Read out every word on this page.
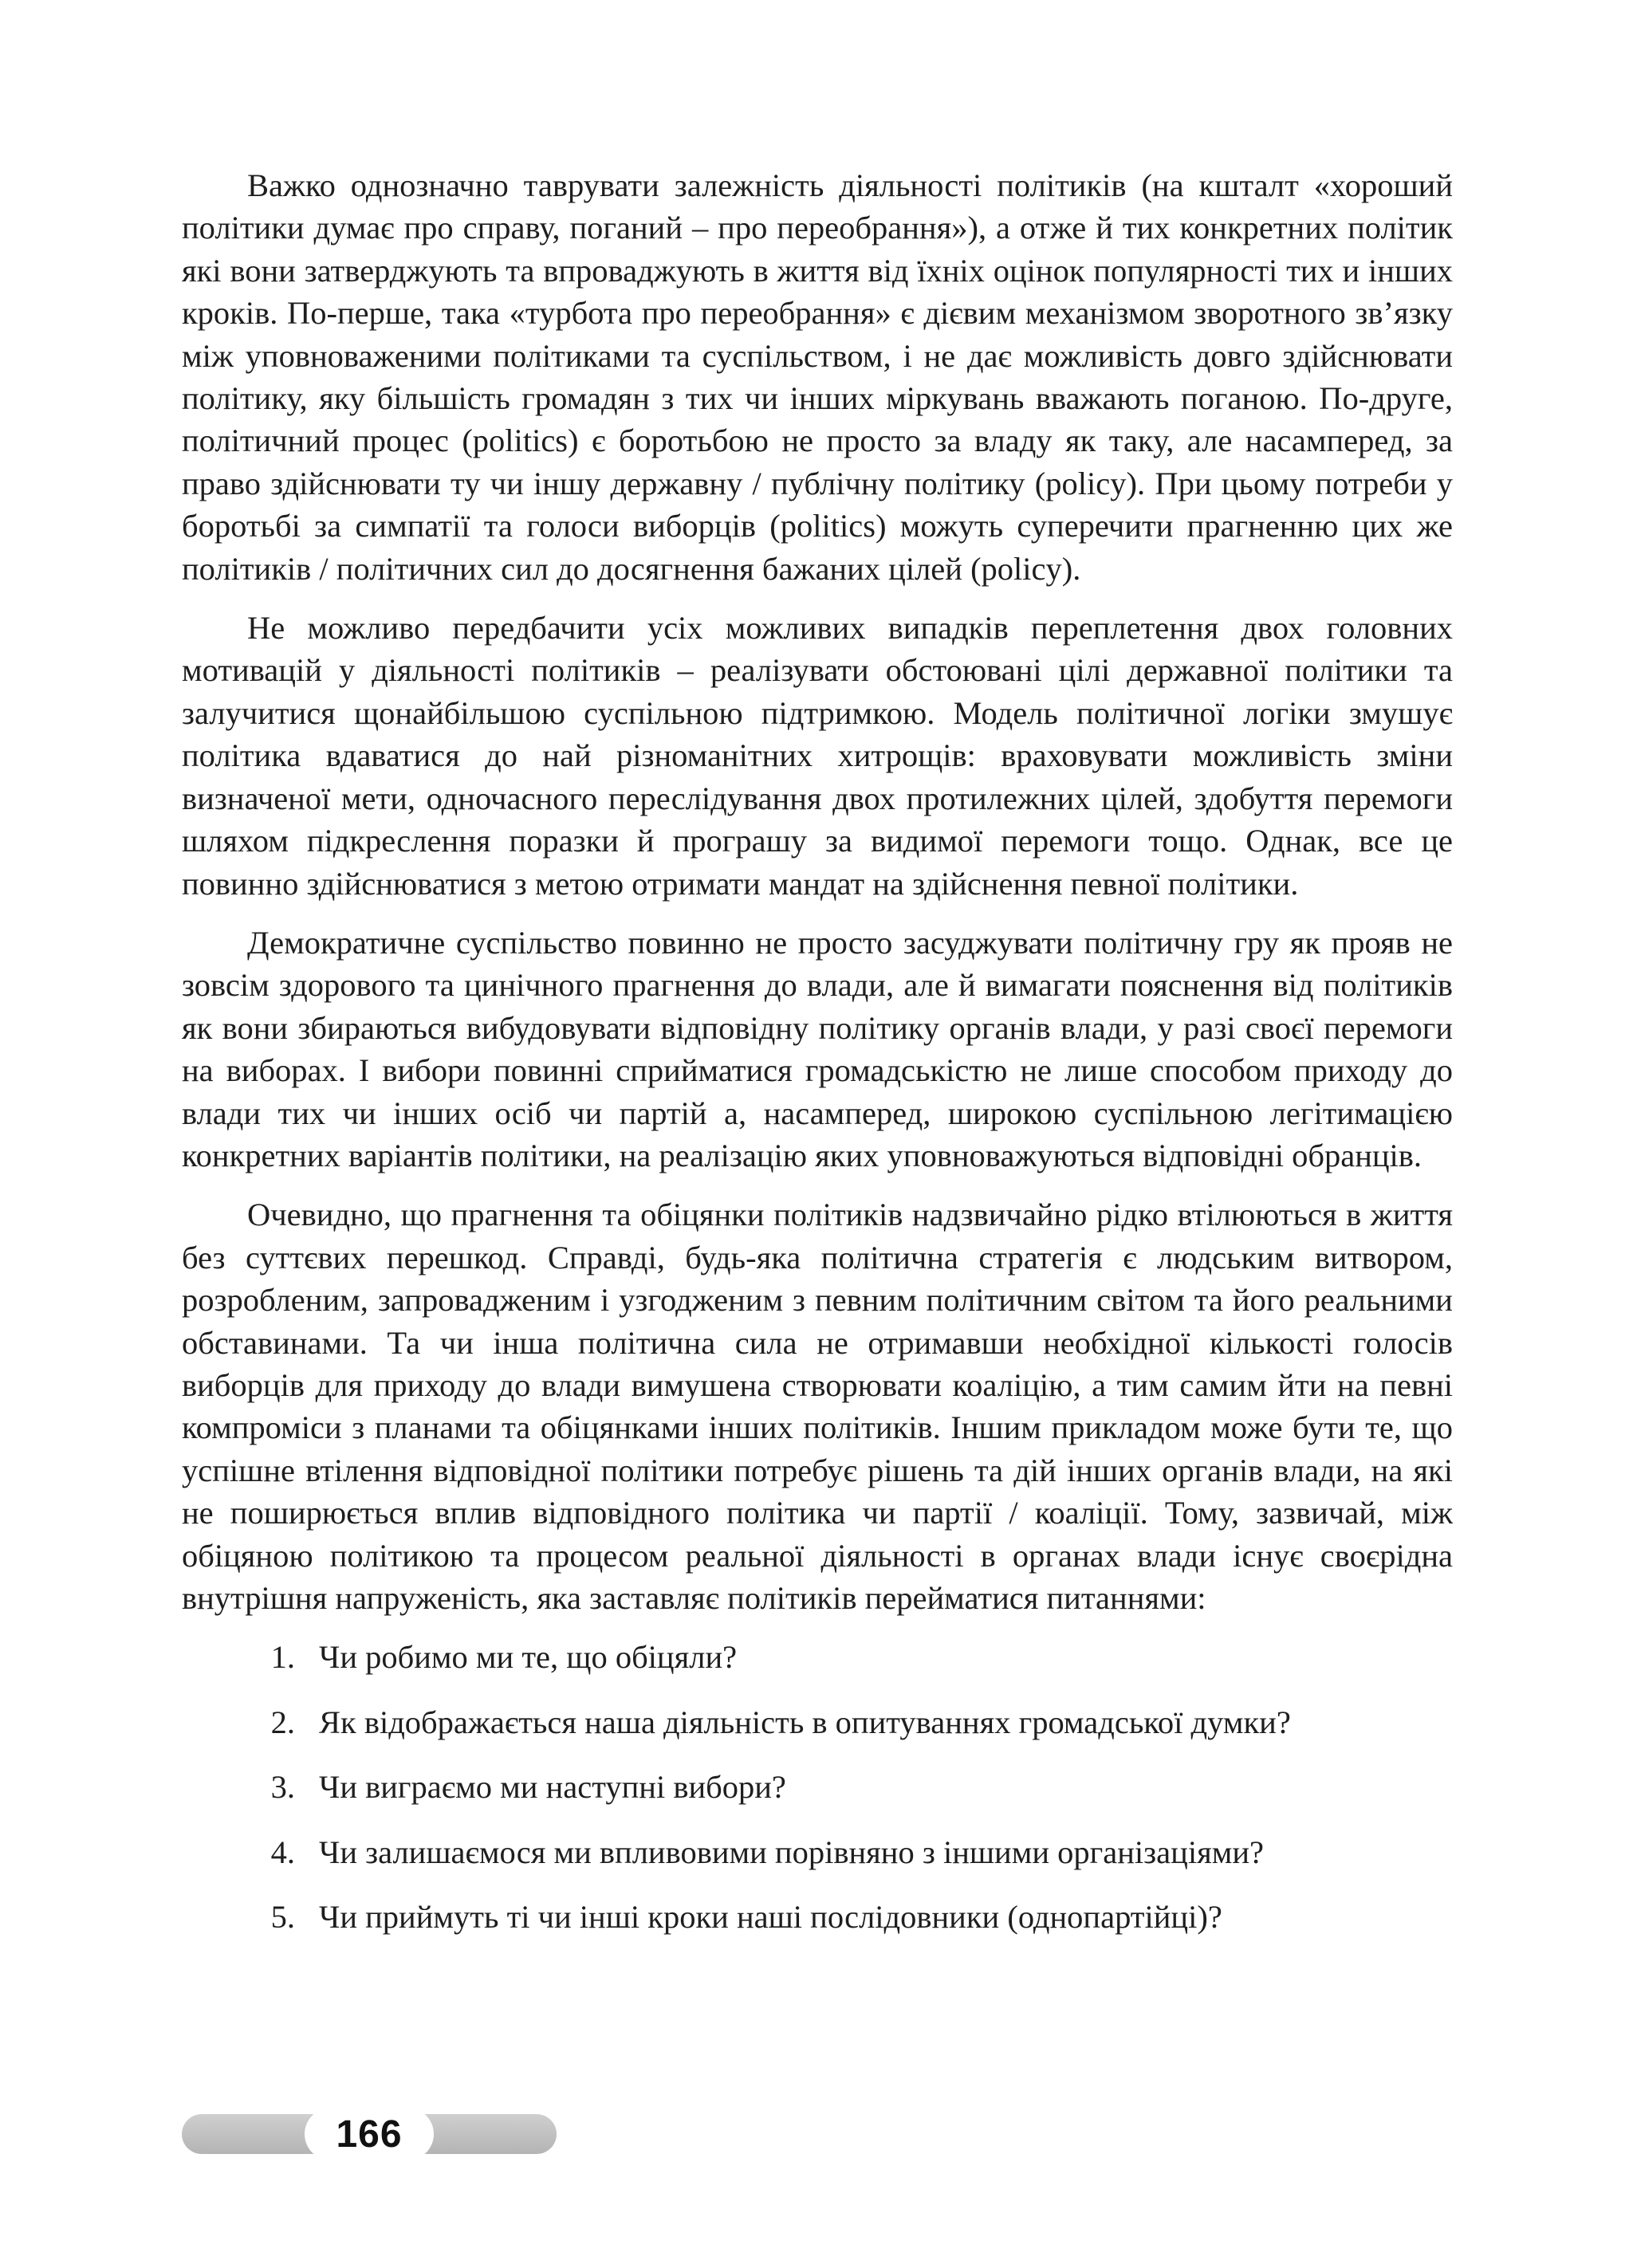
Важко однозначно таврувати залежність діяльності політиків (на кшталт «хороший політики думає про справу, поганий – про переобрання»), а отже й тих конкретних політик які вони затверджують та впроваджують в життя від їхніх оцінок популярності тих и інших кроків. По-перше, така «турбота про переобрання» є дієвим механізмом зворотного зв’язку між уповноваженими політиками та суспільством, і не дає можливість довго здійснювати політику, яку більшість громадян з тих чи інших міркувань вважають поганою. По-друге, політичний процес (politics) є боротьбою не просто за владу як таку, але насамперед, за право здійснювати ту чи іншу державну / публічну політику (policy). При цьому потреби у боротьбі за симпатії та голоси виборців (politics) можуть суперечити прагненню цих же політиків / політичних сил до досягнення бажаних цілей (policy).

Не можливо передбачити усіх можливих випадків переплетення двох головних мотивацій у діяльності політиків – реалізувати обстоювані цілі державної політики та залучитися щонайбільшою суспільною підтримкою. Модель політичної логіки змушує політика вдаватися до най різноманітних хитрощів: враховувати можливість зміни визначеної мети, одночасного переслідування двох протилежних цілей, здобуття перемоги шляхом підкреслення поразки й програшу за видимої перемоги тощо. Однак, все це повинно здійснюватися з метою отримати мандат на здійснення певної політики.

Демократичне суспільство повинно не просто засуджувати політичну гру як прояв не зовсім здорового та цинічного прагнення до влади, але й вимагати пояснення від політиків як вони збираються вибудовувати відповідну політику органів влади, у разі своєї перемоги на виборах. І вибори повинні сприйматися громадськістю не лише способом приходу до влади тих чи інших осіб чи партій а, насамперед, широкою суспільною легітимацією конкретних варіантів політики, на реалізацію яких уповноважуються відповідні обранців.

Очевидно, що прагнення та обіцянки політиків надзвичайно рідко втілюються в життя без суттєвих перешкод. Справді, будь-яка політична стратегія є людським витвором, розробленим, запровадженим і узгодженим з певним політичним світом та його реальними обставинами. Та чи інша політична сила не отримавши необхідної кількості голосів виборців для приходу до влади вимушена створювати коаліцію, а тим самим йти на певні компроміси з планами та обіцянками інших політиків. Іншим прикладом може бути те, що успішне втілення відповідної політики потребує рішень та дій інших органів влади, на які не поширюється вплив відповідного політика чи партії / коаліції. Тому, зазвичай, між обіцяною політикою та процесом реальної діяльності в органах влади існує своєрідна внутрішня напруженість, яка заставляє політиків перейматися питаннями:

1. Чи робимо ми те, що обіцяли?
2. Як відображається наша діяльність в опитуваннях громадської думки?
3. Чи виграємо ми наступні вибори?
4. Чи залишаємося ми впливовими порівняно з іншими організаціями?
5. Чи приймуть ті чи інші кроки наші послідовники (однопартійці)?
166
